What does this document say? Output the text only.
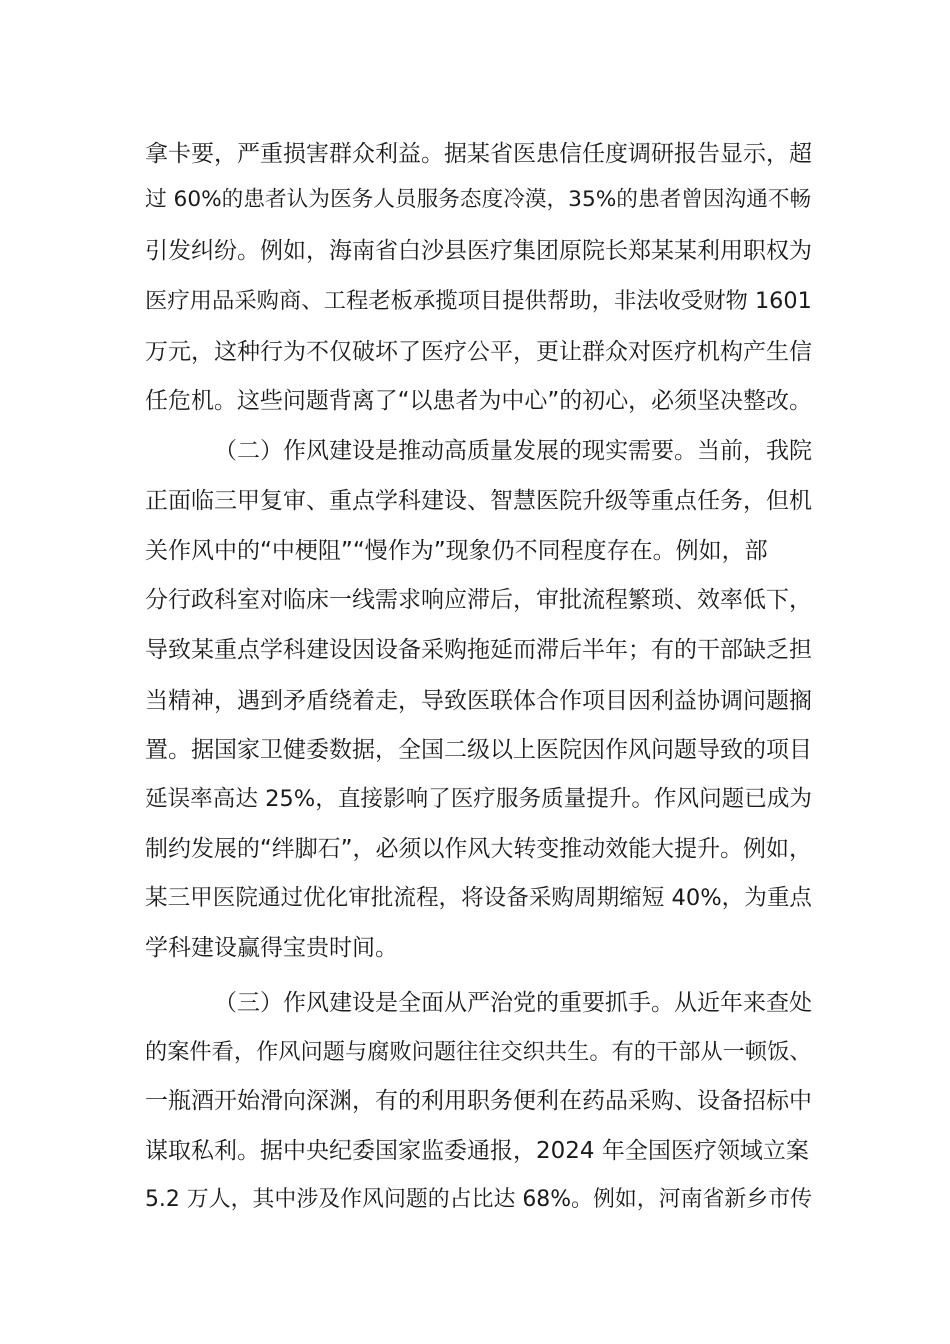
拿卡要，严重损害群众利益。据某省医患信任度调研报告显示，超
过 60%的患者认为医务人员服务态度冷漠，35%的患者曾因沟通不畅
引发纠纷。例如，海南省白沙县医疗集团原院长郑某某利用职权为
医疗用品采购商、工程老板承揽项目提供帮助，非法收受财物 1601
万元，这种行为不仅破坏了医疗公平，更让群众对医疗机构产生信
任危机。这些问题背离了“以患者为中心”的初心，必须坚决整改。
（二）作风建设是推动高质量发展的现实需要。当前，我院
正面临三甲复审、重点学科建设、智慧医院升级等重点任务，但机
关作风中的“中梗阻”“慢作为”现象仍不同程度存在。例如，部
分行政科室对临床一线需求响应滞后，审批流程繁琐、效率低下，
导致某重点学科建设因设备采购拖延而滞后半年；有的干部缺乏担
当精神，遇到矛盾绕着走，导致医联体合作项目因利益协调问题搁
置。据国家卫健委数据，全国二级以上医院因作风问题导致的项目
延误率高达 25%，直接影响了医疗服务质量提升。作风问题已成为
制约发展的“绊脚石”，必须以作风大转变推动效能大提升。例如，
某三甲医院通过优化审批流程，将设备采购周期缩短 40%，为重点
学科建设赢得宝贵时间。
（三）作风建设是全面从严治党的重要抓手。从近年来查处
的案件看，作风问题与腐败问题往往交织共生。有的干部从一顿饭、
一瓶酒开始滑向深渊，有的利用职务便利在药品采购、设备招标中
谋取私利。据中央纪委国家监委通报，2024 年全国医疗领域立案
5.2 万人，其中涉及作风问题的占比达 68%。例如，河南省新乡市传
